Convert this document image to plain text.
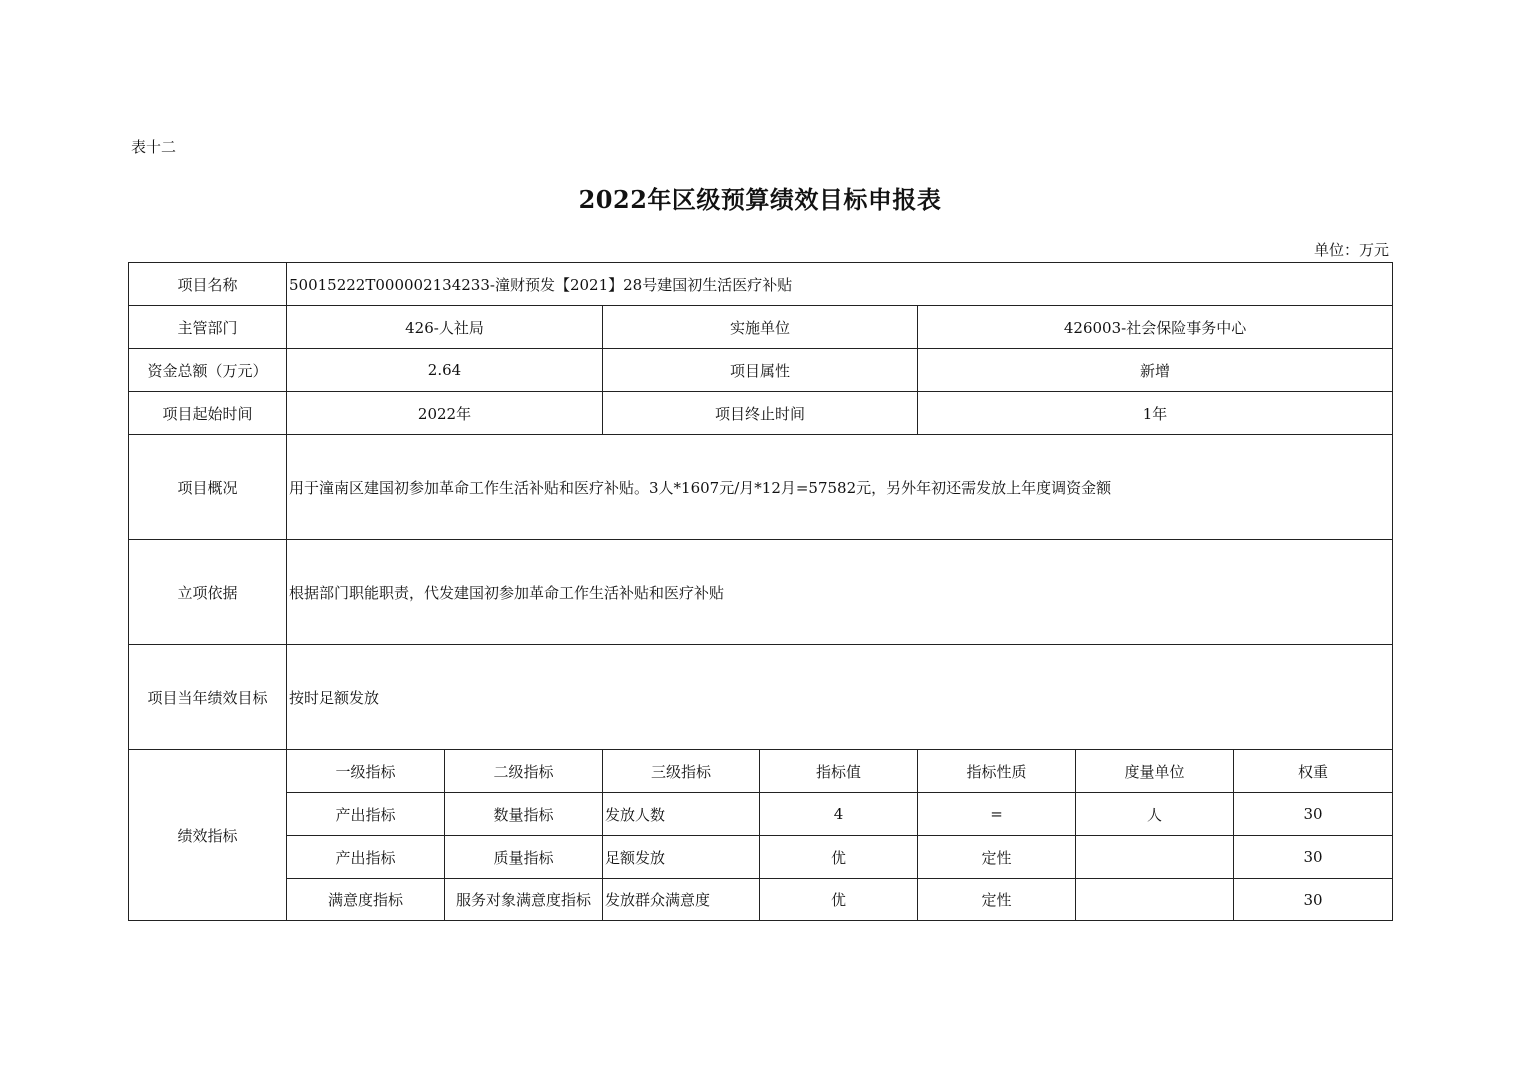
表十二
2022年区级预算绩效目标申报表
单位：万元
项目名称	50015222T000002134233-潼财预发【2021】28号建国初生活医疗补贴						
主管部门	426-人社局		实施单位		426003-社会保险事务中心		
资金总额（万元）	2.64		项目属性		新增		
项目起始时间	2022年		项目终止时间		1年		
项目概况	用于潼南区建国初参加革命工作生活补贴和医疗补贴。3人*1607元/月*12月=57582元，另外年初还需发放上年度调资金额						
立项依据	根据部门职能职责，代发建国初参加革命工作生活补贴和医疗补贴						
项目当年绩效目标	按时足额发放						
绩效指标	一级指标	二级指标	三级指标	指标值	指标性质	度量单位	权重
	产出指标	数量指标	发放人数	4	=	人	30
	产出指标	质量指标	足额发放	优	定性		30
	满意度指标	服务对象满意度指标	发放群众满意度	优	定性		30
